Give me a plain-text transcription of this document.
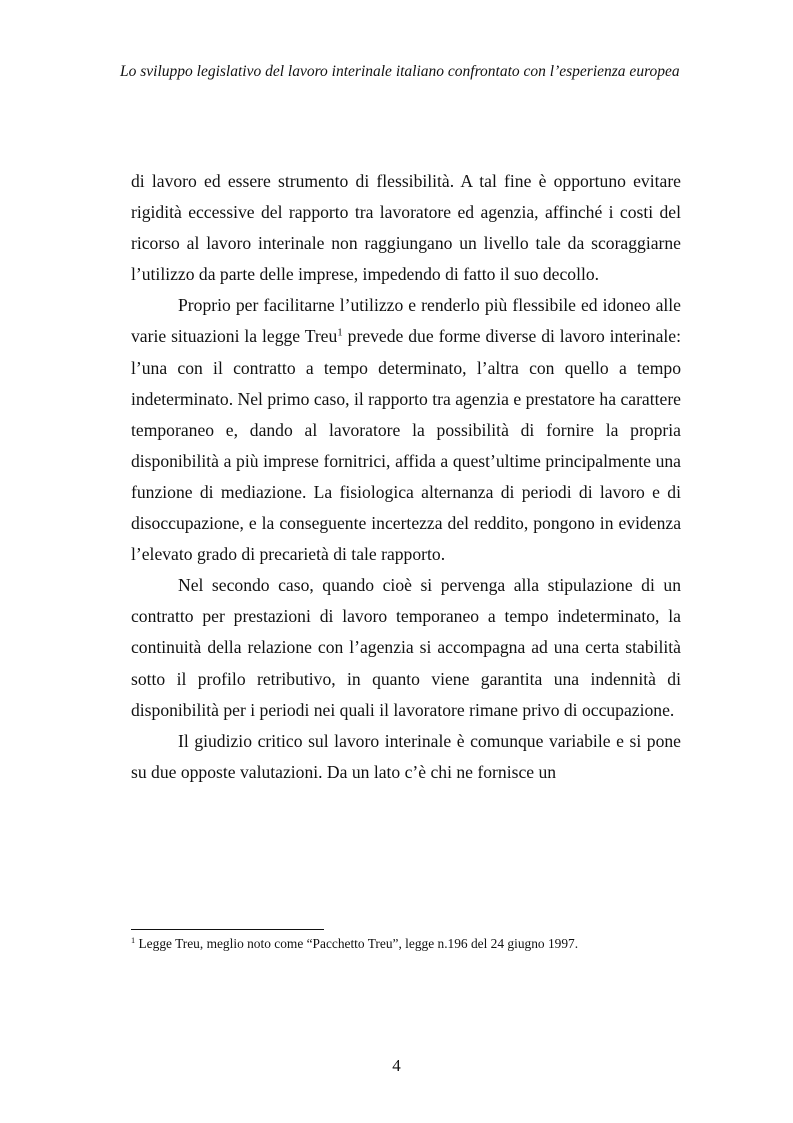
Lo sviluppo legislativo del lavoro interinale italiano confrontato con l’esperienza europea

di lavoro ed essere strumento di flessibilità. A tal fine è opportuno evitare rigidità eccessive del rapporto tra lavoratore ed agenzia, affinché i costi del ricorso al lavoro interinale non raggiungano un livello tale da scoraggiarne l’utilizzo da parte delle imprese, impedendo di fatto il suo decollo.

Proprio per facilitarne l’utilizzo e renderlo più flessibile ed idoneo alle varie situazioni la legge Treu$^1$ prevede due forme diverse di lavoro interinale: l’una con il contratto a tempo determinato, l’altra con quello a tempo indeterminato. Nel primo caso, il rapporto tra agenzia e prestatore ha carattere temporaneo e, dando al lavoratore la possibilità di fornire la propria disponibilità a più imprese fornitrici, affida a quest’ultime principalmente una funzione di mediazione. La fisiologica alternanza di periodi di lavoro e di disoccupazione, e la conseguente incertezza del reddito, pongono in evidenza l’elevato grado di precarietà di tale rapporto.

Nel secondo caso, quando cioè si pervenga alla stipulazione di un contratto per prestazioni di lavoro temporaneo a tempo indeterminato, la continuità della relazione con l’agenzia si accompagna ad una certa stabilità sotto il profilo retributivo, in quanto viene garantita una indennità di disponibilità per i periodi nei quali il lavoratore rimane privo di occupazione.

Il giudizio critico sul lavoro interinale è comunque variabile e si pone su due opposte valutazioni. Da un lato c’è chi ne fornisce un

$^1$ Legge Treu, meglio noto come “Pacchetto Treu”, legge n.196 del 24 giugno 1997.
4
